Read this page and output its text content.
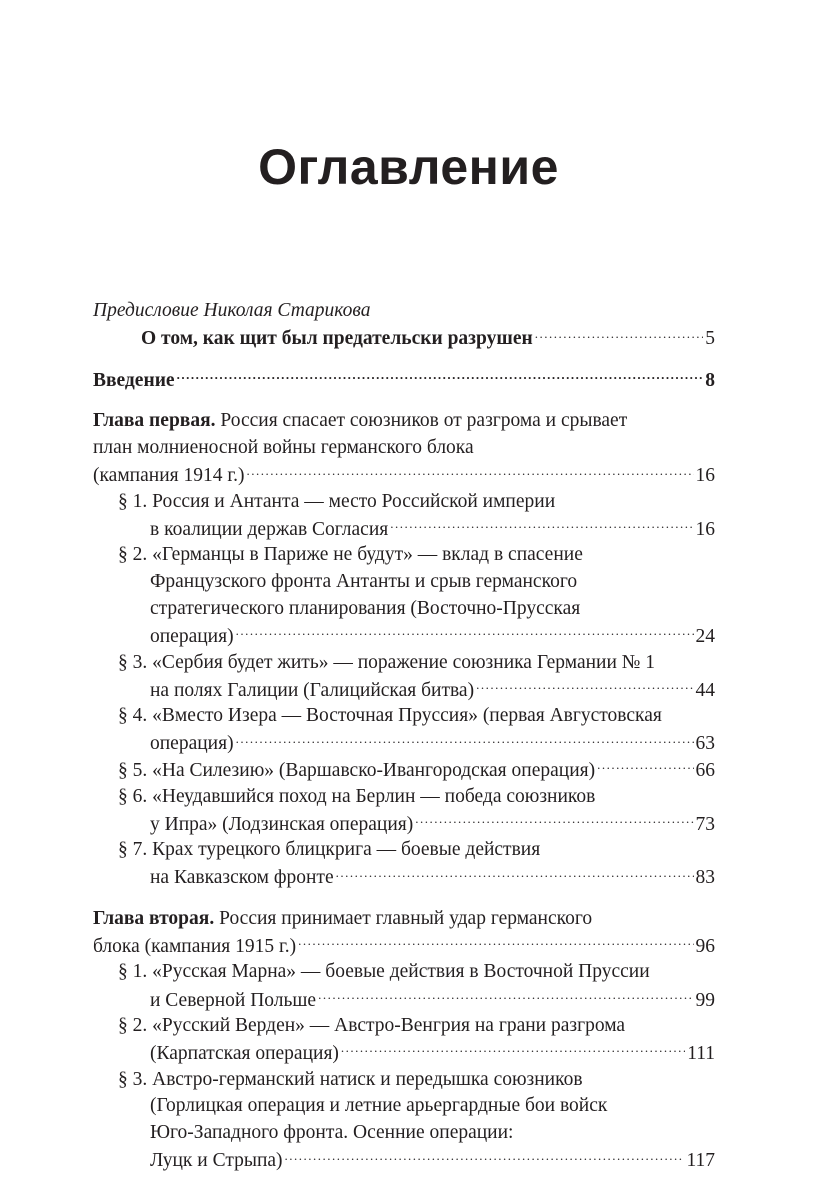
Оглавление
Предисловие Николая Старикова
О том, как щит был предательски разрушен .....	5
Введение .....	8
Глава первая. Россия спасает союзников от разгрома и срывает
план молниеносной войны германского блока
(кампания 1914 г.) .....	16
§ 1. Россия и Антанта — место Российской империи
в коалиции держав Согласия .....	16
§ 2. «Германцы в Париже не будут» — вклад в спасение
Французского фронта Антанты и срыв германского
стратегического планирования (Восточно-Прусская
операция) .....	24
§ 3. «Сербия будет жить» — поражение союзника Германии № 1
на полях Галиции (Галицийская битва) .....	44
§ 4. «Вместо Изера — Восточная Пруссия» (первая Августовская
операция) .....	63
§ 5. «На Силезию» (Варшавско-Ивангородская операция) .....	66
§ 6. «Неудавшийся поход на Берлин — победа союзников
у Ипра» (Лодзинская операция) .....	73
§ 7. Крах турецкого блицкрига — боевые действия
на Кавказском фронте .....	83
Глава вторая. Россия принимает главный удар германского
блока (кампания 1915 г.) .....	96
§ 1. «Русская Марна» — боевые действия в Восточной Пруссии
и Северной Польше .....	99
§ 2. «Русский Верден» — Австро-Венгрия на грани разгрома
(Карпатская операция) .....	111
§ 3. Австро-германский натиск и передышка союзников
(Горлицкая операция и летние арьергардные бои войск
Юго-Западного фронта. Осенние операции:
Луцк и Стрыпа) .....	117
